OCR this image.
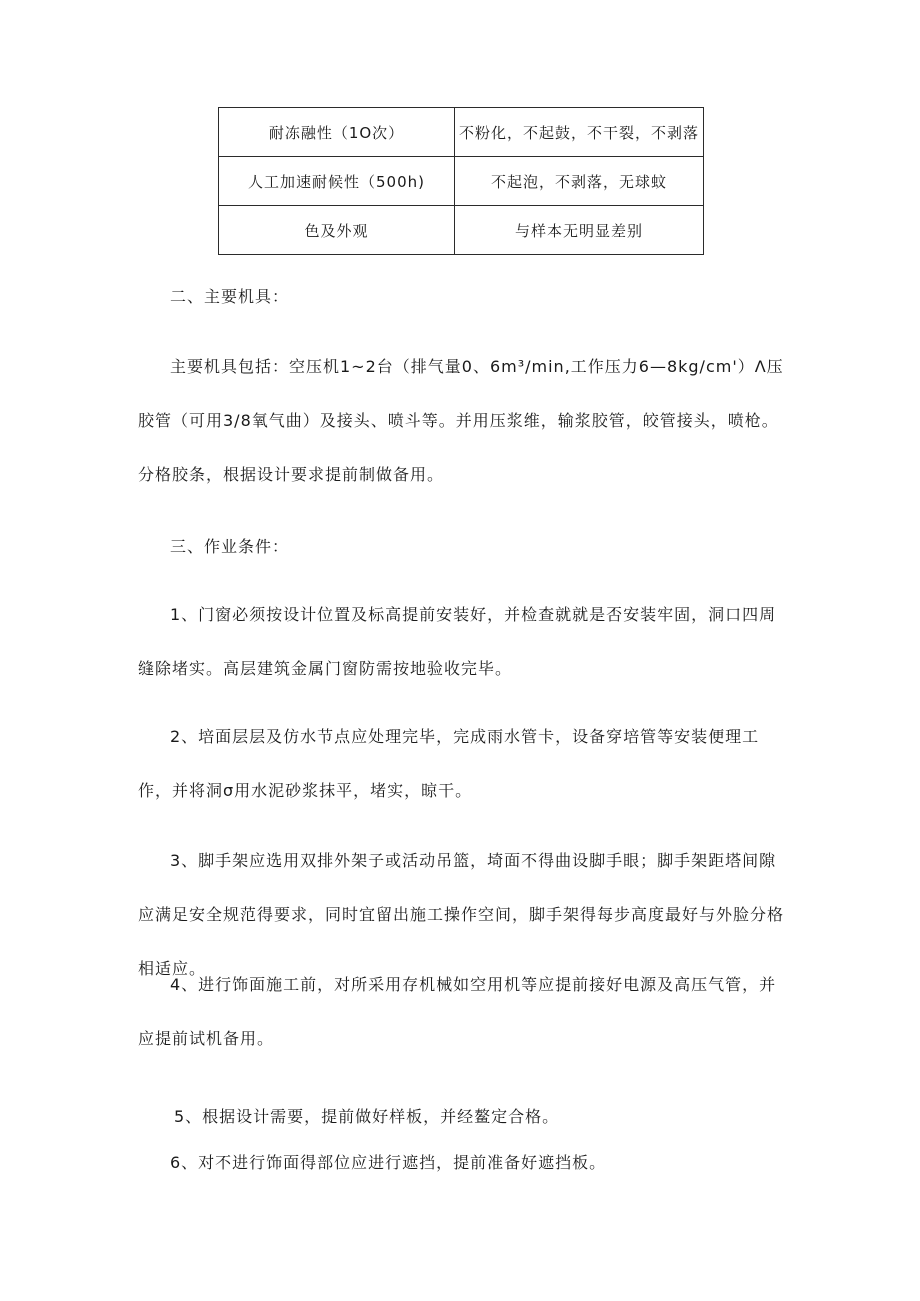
耐冻融性（1O次）	不粉化，不起鼓，不干裂，不剥落
人工加速耐候性（500h)	不起泡，不剥落，无球蚊
色及外观	与样本无明显差别
二、主要机具：
主要机具包括：空压机1~2台（排气量0、6m³/min,工作压力6—8kg∕cm'）Λ压胶管（可用3/8氧气曲）及接头、喷斗等。并用压浆维，输浆胶管，皎管接头，喷枪。分格胶条，根据设计要求提前制做备用。
三、作业条件：
1、门窗必须按设计位置及标高提前安装好，并检查就就是否安装牢固，洞口四周缝除堵实。高层建筑金属门窗防需按地验收完毕。
2、培面层层及仿水节点应处理完毕，完成雨水管卡，设备穿培管等安装便理工作，并将洞σ用水泥砂浆抹平，堵实，晾干。
3、脚手架应选用双排外架子或活动吊篮，埼面不得曲设脚手眼；脚手架距塔间隙应满足安全规范得要求，同时宜留出施工操作空间，脚手架得每步高度最好与外脸分格相适应。
4、进行饰面施工前，对所采用存机械如空用机等应提前接好电源及高压气管，并应提前试机备用。
5、根据设计需要，提前做好样板，并经鳌定合格。
6、对不进行饰面得部位应进行遮挡，提前准备好遮挡板。
